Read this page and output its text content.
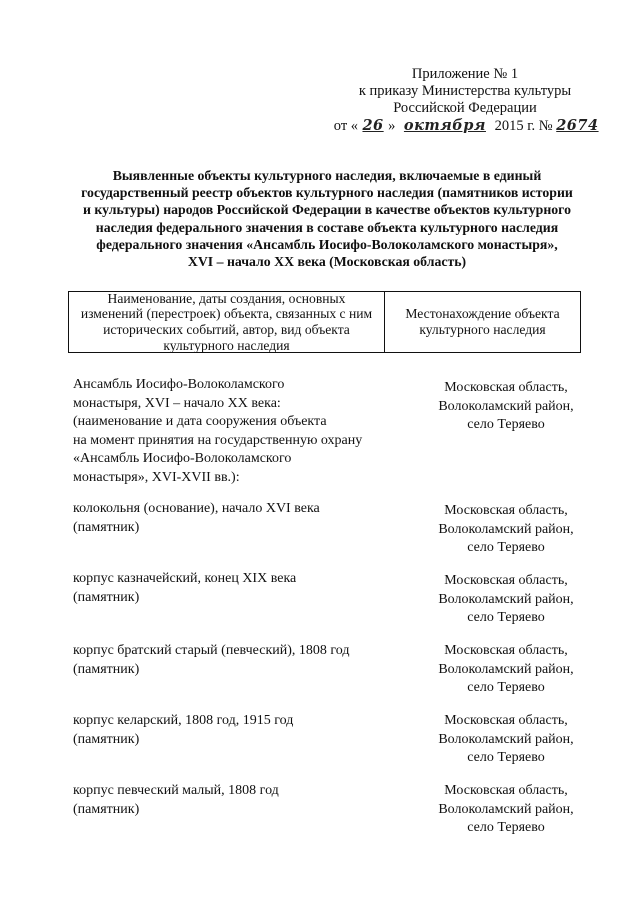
Приложение № 1
к приказу Министерства культуры
Российской Федерации
от « 26 » октября 2015 г. № 2674
Выявленные объекты культурного наследия, включаемые в единый
государственный реестр объектов культурного наследия (памятников истории
и культуры) народов Российской Федерации в качестве объектов культурного
наследия федерального значения в составе объекта культурного наследия
федерального значения «Ансамбль Иосифо-Волоколамского монастыря»,
XVI – начало XX века (Московская область)
Наименование, даты создания, основных
изменений (перестроек) объекта, связанных с ним
исторических событий, автор, вид объекта
культурного наследия
Местонахождение объекта
культурного наследия
Ансамбль Иосифо-Волоколамского
монастыря, XVI – начало XX века:
(наименование и дата сооружения объекта
на момент принятия на государственную охрану
«Ансамбль Иосифо-Волоколамского
монастыря», XVI-XVII вв.):
Московская область,
Волоколамский район,
село Теряево
колокольня (основание), начало XVI века
(памятник)
Московская область,
Волоколамский район,
село Теряево
корпус казначейский, конец XIX века
(памятник)
Московская область,
Волоколамский район,
село Теряево
корпус братский старый (певческий), 1808 год
(памятник)
Московская область,
Волоколамский район,
село Теряево
корпус келарский, 1808 год, 1915 год
(памятник)
Московская область,
Волоколамский район,
село Теряево
корпус певческий малый, 1808 год
(памятник)
Московская область,
Волоколамский район,
село Теряево
